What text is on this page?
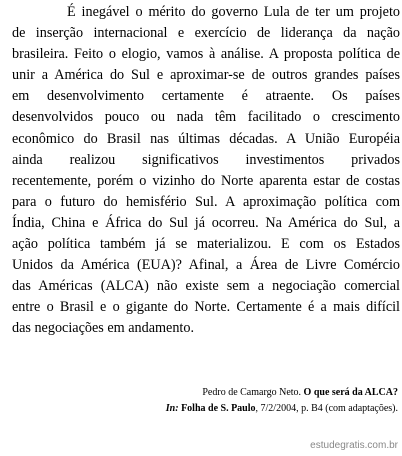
É inegável o mérito do governo Lula de ter um projeto
de inserção internacional e exercício de liderança da nação
brasileira. Feito o elogio, vamos à análise. A proposta política de
unir a América do Sul e aproximar-se de outros grandes países
em desenvolvimento certamente é atraente. Os países
desenvolvidos pouco ou nada têm facilitado o crescimento
econômico do Brasil nas últimas décadas. A União Européia
ainda realizou significativos investimentos privados
recentemente, porém o vizinho do Norte aparenta estar de costas
para o futuro do hemisfério Sul. A aproximação política com
Índia, China e África do Sul já ocorreu. Na América do Sul, a
ação política também já se materializou. E com os Estados
Unidos da América (EUA)? Afinal, a Área de Livre Comércio
das Américas (ALCA) não existe sem a negociação comercial
entre o Brasil e o gigante do Norte. Certamente é a mais difícil
das negociações em andamento.
Pedro de Camargo Neto. O que será da ALCA?
In: Folha de S. Paulo, 7/2/2004, p. B4 (com adaptações).
estudegratis.com.br
